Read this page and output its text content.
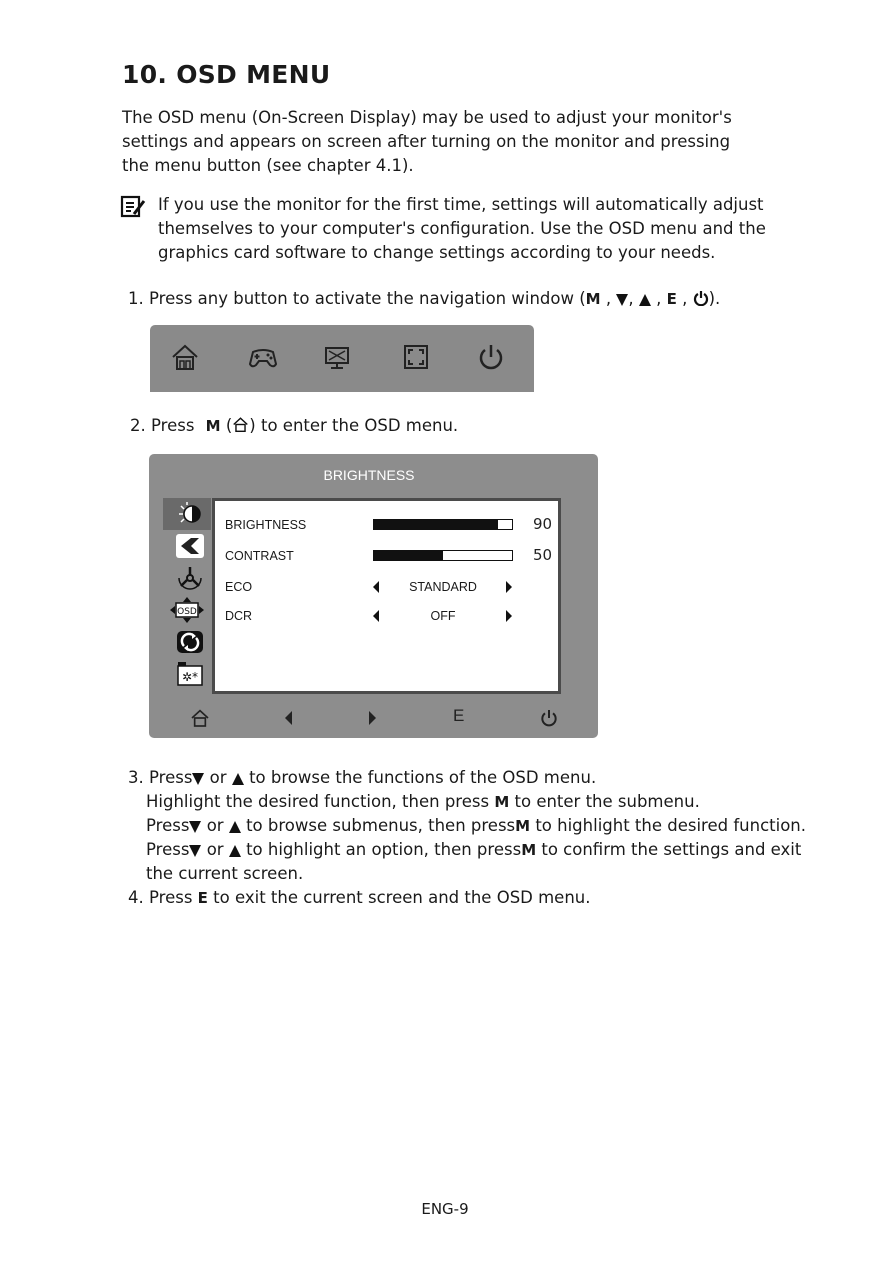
10. OSD MENU

The OSD menu (On-Screen Display) may be used to adjust your monitor's settings and appears on screen after turning on the monitor and pressing the menu button (see chapter 4.1).

If you use the monitor for the first time, settings will automatically adjust themselves to your computer's configuration. Use the OSD menu and the graphics card software to change settings according to your needs.

1. Press any button to activate the navigation window (M , ,  , E , ).
2. Press M ( ) to enter the OSD menu.
BRIGHTNESS
OSD
✲*
BRIGHTNESS	90
CONTRAST	50
ECO	STANDARD
DCR	OFF
E
3. Press or to browse the functions of the OSD menu.
Highlight the desired function, then press M to enter the submenu.
Press or to browse submenus, then pressM to highlight the desired function.
Press or to highlight an option, then pressM to confirm the settings and exit
the current screen.
4. Press E to exit the current screen and the OSD menu.
ENG-9
